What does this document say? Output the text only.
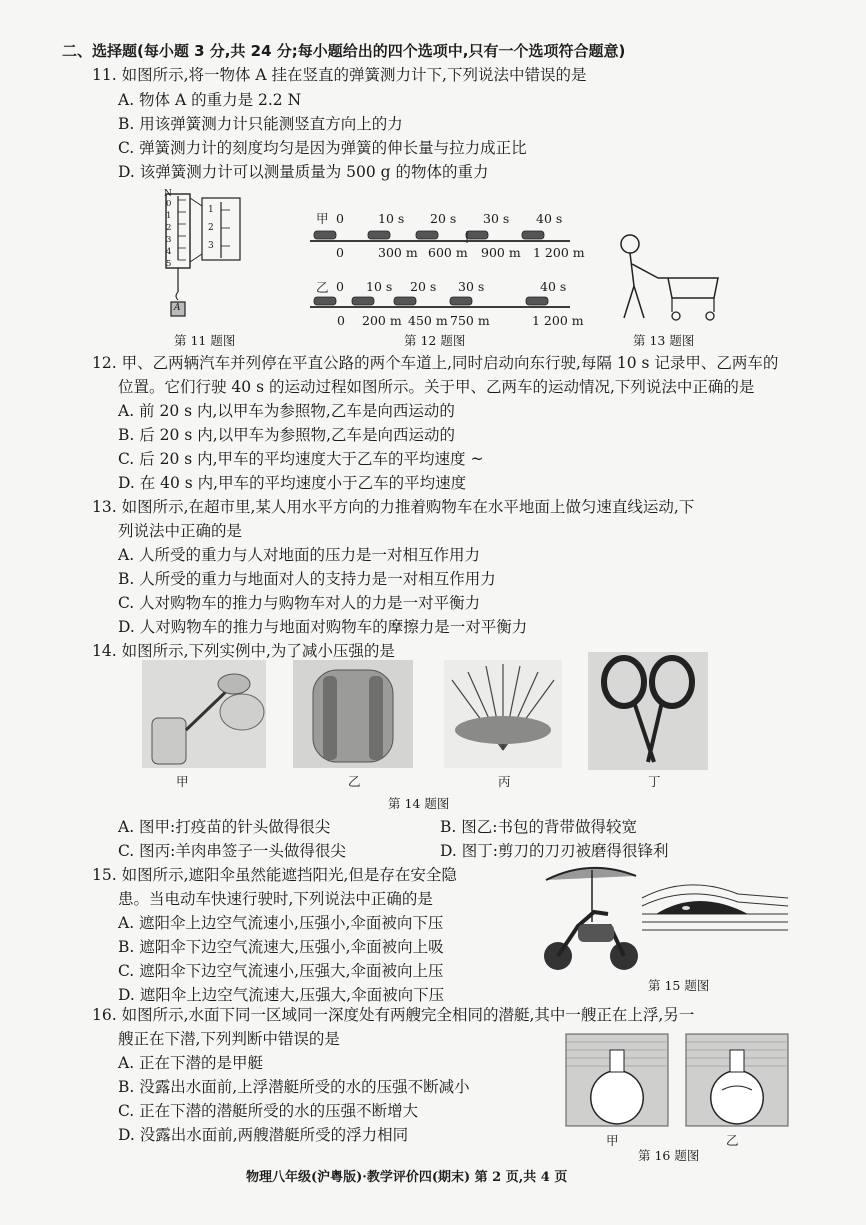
二、选择题(每小题 3 分,共 24 分;每小题给出的四个选项中,只有一个选项符合题意)
11. 如图所示,将一物体 A 挂在竖直的弹簧测力计下,下列说法中错误的是
A. 物体 A 的重力是 2.2 N
B. 用该弹簧测力计只能测竖直方向上的力
C. 弹簧测力计的刻度均匀是因为弹簧的伸长量与拉力成正比
D. 该弹簧测力计可以测量质量为 500 g 的物体的重力
N
0
1
2
3
4
5
1
2
3
A
第 11 题图
甲 0	10 s 20 s 30 s 40 s
0	300 m 600 m 900 m 1 200 m
乙 0 10 s 20 s 30 s	40 s
0 200 m 450 m 750 m	1 200 m
第 12 题图	第 13 题图
12. 甲、乙两辆汽车并列停在平直公路的两个车道上,同时启动向东行驶,每隔 10 s 记录甲、乙两车的
位置。它们行驶 40 s 的运动过程如图所示。关于甲、乙两车的运动情况,下列说法中正确的是
A. 前 20 s 内,以甲车为参照物,乙车是向西运动的
B. 后 20 s 内,以甲车为参照物,乙车是向西运动的
C. 后 20 s 内,甲车的平均速度大于乙车的平均速度 ~
D. 在 40 s 内,甲车的平均速度小于乙车的平均速度
13. 如图所示,在超市里,某人用水平方向的力推着购物车在水平地面上做匀速直线运动,下
列说法中正确的是
A. 人所受的重力与人对地面的压力是一对相互作用力
B. 人所受的重力与地面对人的支持力是一对相互作用力
C. 人对购物车的推力与购物车对人的力是一对平衡力
D. 人对购物车的推力与地面对购物车的摩擦力是一对平衡力
14. 如图所示,下列实例中,为了减小压强的是
甲	乙	丙	丁
第 14 题图
A. 图甲:打疫苗的针头做得很尖	B. 图乙:书包的背带做得较宽
C. 图丙:羊肉串签子一头做得很尖	D. 图丁:剪刀的刀刃被磨得很锋利
15. 如图所示,遮阳伞虽然能遮挡阳光,但是存在安全隐
患。当电动车快速行驶时,下列说法中正确的是
A. 遮阳伞上边空气流速小,压强小,伞面被向下压
B. 遮阳伞下边空气流速大,压强小,伞面被向上吸
C. 遮阳伞下边空气流速小,压强大,伞面被向上压
D. 遮阳伞上边空气流速大,压强大,伞面被向下压
第 15 题图
16. 如图所示,水面下同一区域同一深度处有两艘完全相同的潜艇,其中一艘正在上浮,另一
艘正在下潜,下列判断中错误的是
A. 正在下潜的是甲艇
B. 没露出水面前,上浮潜艇所受的水的压强不断减小
C. 正在下潜的潜艇所受的水的压强不断增大
D. 没露出水面前,两艘潜艇所受的浮力相同	甲	乙
第 16 题图
物理八年级(沪粤版)·教学评价四(期末) 第 2 页,共 4 页
